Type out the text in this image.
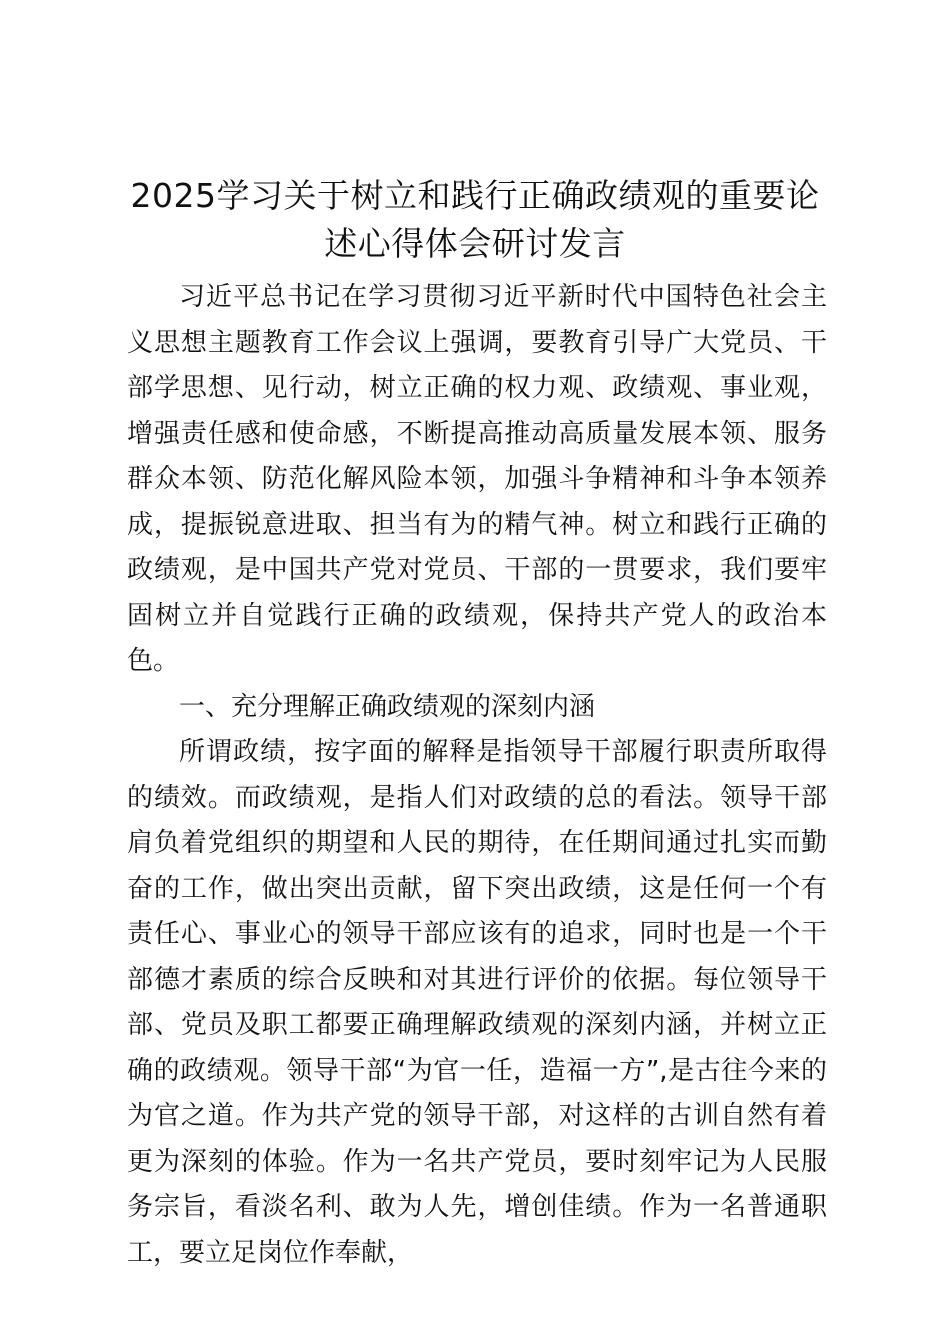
2025学习关于树立和践行正确政绩观的重要论述心得体会研讨发言

习近平总书记在学习贯彻习近平新时代中国特色社会主义思想主题教育工作会议上强调，要教育引导广大党员、干部学思想、见行动，树立正确的权力观、政绩观、事业观，增强责任感和使命感，不断提高推动高质量发展本领、服务群众本领、防范化解风险本领，加强斗争精神和斗争本领养成，提振锐意进取、担当有为的精气神。树立和践行正确的政绩观，是中国共产党对党员、干部的一贯要求，我们要牢固树立并自觉践行正确的政绩观，保持共产党人的政治本色。

一、充分理解正确政绩观的深刻内涵

所谓政绩，按字面的解释是指领导干部履行职责所取得的绩效。而政绩观，是指人们对政绩的总的看法。领导干部肩负着党组织的期望和人民的期待，在任期间通过扎实而勤奋的工作，做出突出贡献，留下突出政绩，这是任何一个有责任心、事业心的领导干部应该有的追求，同时也是一个干部德才素质的综合反映和对其进行评价的依据。每位领导干部、党员及职工都要正确理解政绩观的深刻内涵，并树立正确的政绩观。领导干部“为官一任，造福一方”,是古往今来的为官之道。作为共产党的领导干部，对这样的古训自然有着更为深刻的体验。作为一名共产党员，要时刻牢记为人民服务宗旨，看淡名利、敢为人先，增创佳绩。作为一名普通职工，要立足岗位作奉献，
